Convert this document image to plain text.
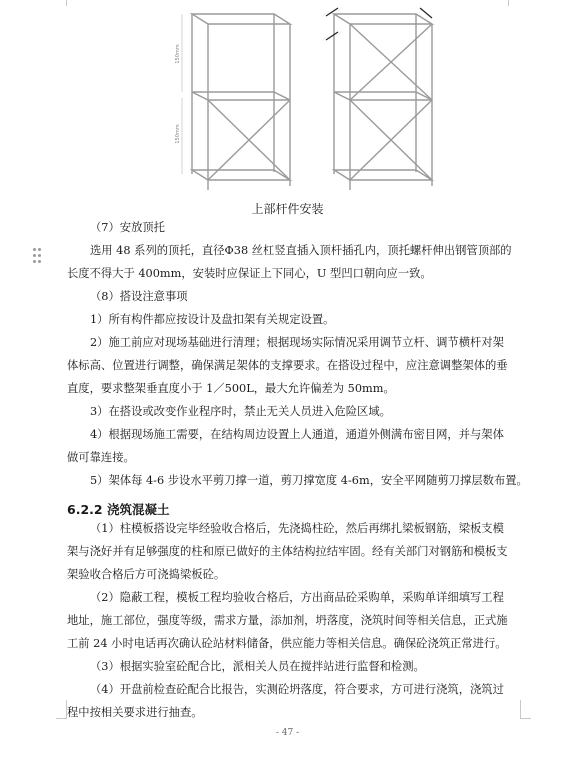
150mm
150mm
上部杆件安装
（7）安放顶托
选用 48 系列的顶托，直径Φ38 丝杠竖直插入顶杆插孔内，顶托螺杆伸出钢管顶部的
长度不得大于 400mm，安装时应保证上下同心，U 型凹口朝向应一致。
（8）搭设注意事项
1）所有构件都应按设计及盘扣架有关规定设置。
2）施工前应对现场基础进行清理；根据现场实际情况采用调节立杆、调节横杆对架
体标高、位置进行调整，确保满足架体的支撑要求。在搭设过程中，应注意调整架体的垂
直度，要求整架垂直度小于 1／500L，最大允许偏差为 50mm。
3）在搭设或改变作业程序时，禁止无关人员进入危险区域。
4）根据现场施工需要，在结构周边设置上人通道，通道外侧满布密目网，并与架体
做可靠连接。
5）架体每 4-6 步设水平剪刀撑一道，剪刀撑宽度 4-6m，安全平网随剪刀撑层数布置。
6.2.2 浇筑混凝土
（1）柱模板搭设完毕经验收合格后，先浇捣柱砼，然后再绑扎梁板钢筋，梁板支模
架与浇好并有足够强度的柱和原已做好的主体结构拉结牢固。经有关部门对钢筋和模板支
架验收合格后方可浇捣梁板砼。
（2）隐蔽工程，模板工程均验收合格后，方出商品砼采购单，采购单详细填写工程
地址，施工部位，强度等级，需求方量，添加剂，坍落度，浇筑时间等相关信息，正式施
工前 24 小时电话再次确认砼站材料储备，供应能力等相关信息。确保砼浇筑正常进行。
（3）根据实验室砼配合比，派相关人员在搅拌站进行监督和检测。
（4）开盘前检查砼配合比报告，实测砼坍落度，符合要求，方可进行浇筑，浇筑过
程中按相关要求进行抽查。
- 47 -
